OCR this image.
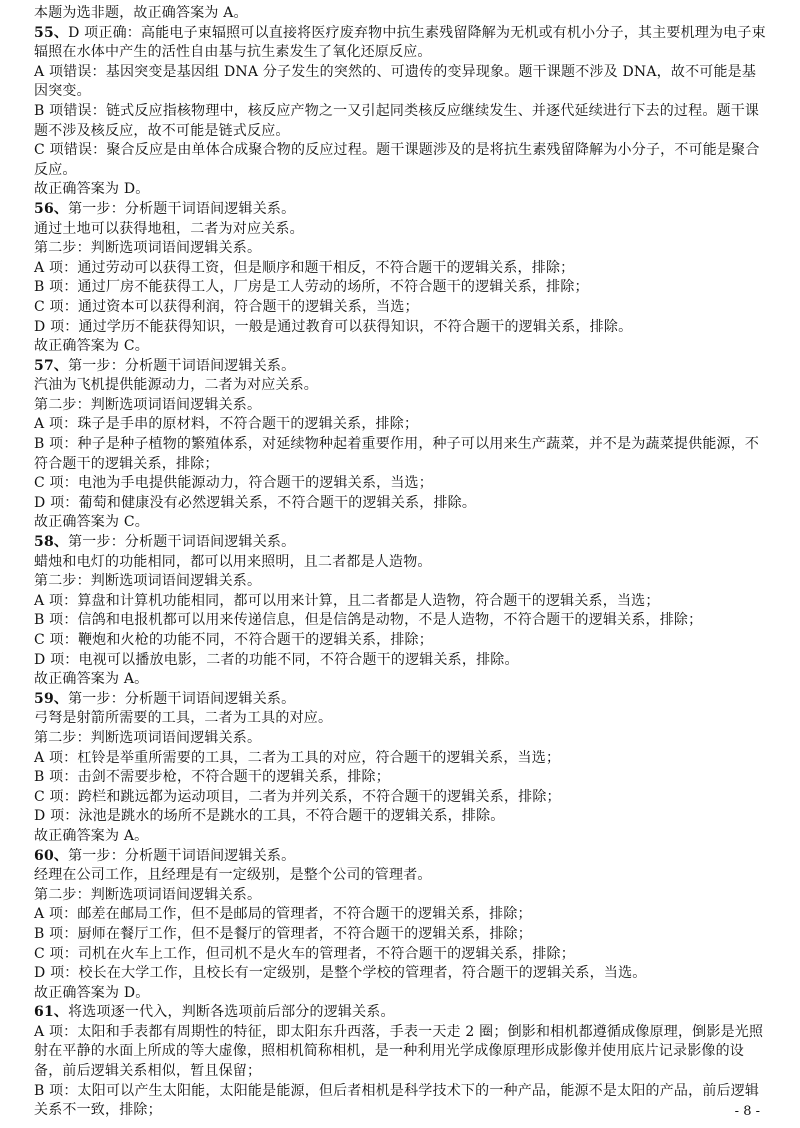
本题为选非题，故正确答案为 A。

55、D 项正确：高能电子束辐照可以直接将医疗废弃物中抗生素残留降解为无机或有机小分子，其主要机理为电子束辐照在水体中产生的活性自由基与抗生素发生了氧化还原反应。

A 项错误：基因突变是基因组 DNA 分子发生的突然的、可遗传的变异现象。题干课题不涉及 DNA，故不可能是基因突变。

B 项错误：链式反应指核物理中，核反应产物之一又引起同类核反应继续发生、并逐代延续进行下去的过程。题干课题不涉及核反应，故不可能是链式反应。

C 项错误：聚合反应是由单体合成聚合物的反应过程。题干课题涉及的是将抗生素残留降解为小分子，不可能是聚合反应。

故正确答案为 D。

56、第一步：分析题干词语间逻辑关系。

通过土地可以获得地租，二者为对应关系。

第二步：判断选项词语间逻辑关系。

A 项：通过劳动可以获得工资，但是顺序和题干相反，不符合题干的逻辑关系，排除；

B 项：通过厂房不能获得工人，厂房是工人劳动的场所，不符合题干的逻辑关系，排除；

C 项：通过资本可以获得利润，符合题干的逻辑关系，当选；

D 项：通过学历不能获得知识，一般是通过教育可以获得知识，不符合题干的逻辑关系，排除。

故正确答案为 C。

57、第一步：分析题干词语间逻辑关系。

汽油为飞机提供能源动力，二者为对应关系。

第二步：判断选项词语间逻辑关系。

A 项：珠子是手串的原材料，不符合题干的逻辑关系，排除；

B 项：种子是种子植物的繁殖体系，对延续物种起着重要作用，种子可以用来生产蔬菜，并不是为蔬菜提供能源，不符合题干的逻辑关系，排除；

C 项：电池为手电提供能源动力，符合题干的逻辑关系，当选；

D 项：葡萄和健康没有必然逻辑关系，不符合题干的逻辑关系，排除。

故正确答案为 C。

58、第一步：分析题干词语间逻辑关系。

蜡烛和电灯的功能相同，都可以用来照明，且二者都是人造物。

第二步：判断选项词语间逻辑关系。

A 项：算盘和计算机功能相同，都可以用来计算，且二者都是人造物，符合题干的逻辑关系，当选；

B 项：信鸽和电报机都可以用来传递信息，但是信鸽是动物，不是人造物，不符合题干的逻辑关系，排除；

C 项：鞭炮和火枪的功能不同，不符合题干的逻辑关系，排除；

D 项：电视可以播放电影，二者的功能不同，不符合题干的逻辑关系，排除。

故正确答案为 A。

59、第一步：分析题干词语间逻辑关系。

弓弩是射箭所需要的工具，二者为工具的对应。

第二步：判断选项词语间逻辑关系。

A 项：杠铃是举重所需要的工具，二者为工具的对应，符合题干的逻辑关系，当选；

B 项：击剑不需要步枪，不符合题干的逻辑关系，排除；

C 项：跨栏和跳远都为运动项目，二者为并列关系，不符合题干的逻辑关系，排除；

D 项：泳池是跳水的场所不是跳水的工具，不符合题干的逻辑关系，排除。

故正确答案为 A。

60、第一步：分析题干词语间逻辑关系。

经理在公司工作，且经理是有一定级别，是整个公司的管理者。

第二步：判断选项词语间逻辑关系。

A 项：邮差在邮局工作，但不是邮局的管理者，不符合题干的逻辑关系，排除；

B 项：厨师在餐厅工作，但不是餐厅的管理者，不符合题干的逻辑关系，排除；

C 项：司机在火车上工作，但司机不是火车的管理者，不符合题干的逻辑关系，排除；

D 项：校长在大学工作，且校长有一定级别，是整个学校的管理者，符合题干的逻辑关系，当选。

故正确答案为 D。

61、将选项逐一代入，判断各选项前后部分的逻辑关系。

A 项：太阳和手表都有周期性的特征，即太阳东升西落，手表一天走 2 圈；倒影和相机都遵循成像原理，倒影是光照射在平静的水面上所成的等大虚像，照相机简称相机，是一种利用光学成像原理形成影像并使用底片记录影像的设备，前后逻辑关系相似，暂且保留；

B 项：太阳可以产生太阳能，太阳能是能源，但后者相机是科学技术下的一种产品，能源不是太阳的产品，前后逻辑关系不一致，排除；	- 8 -
